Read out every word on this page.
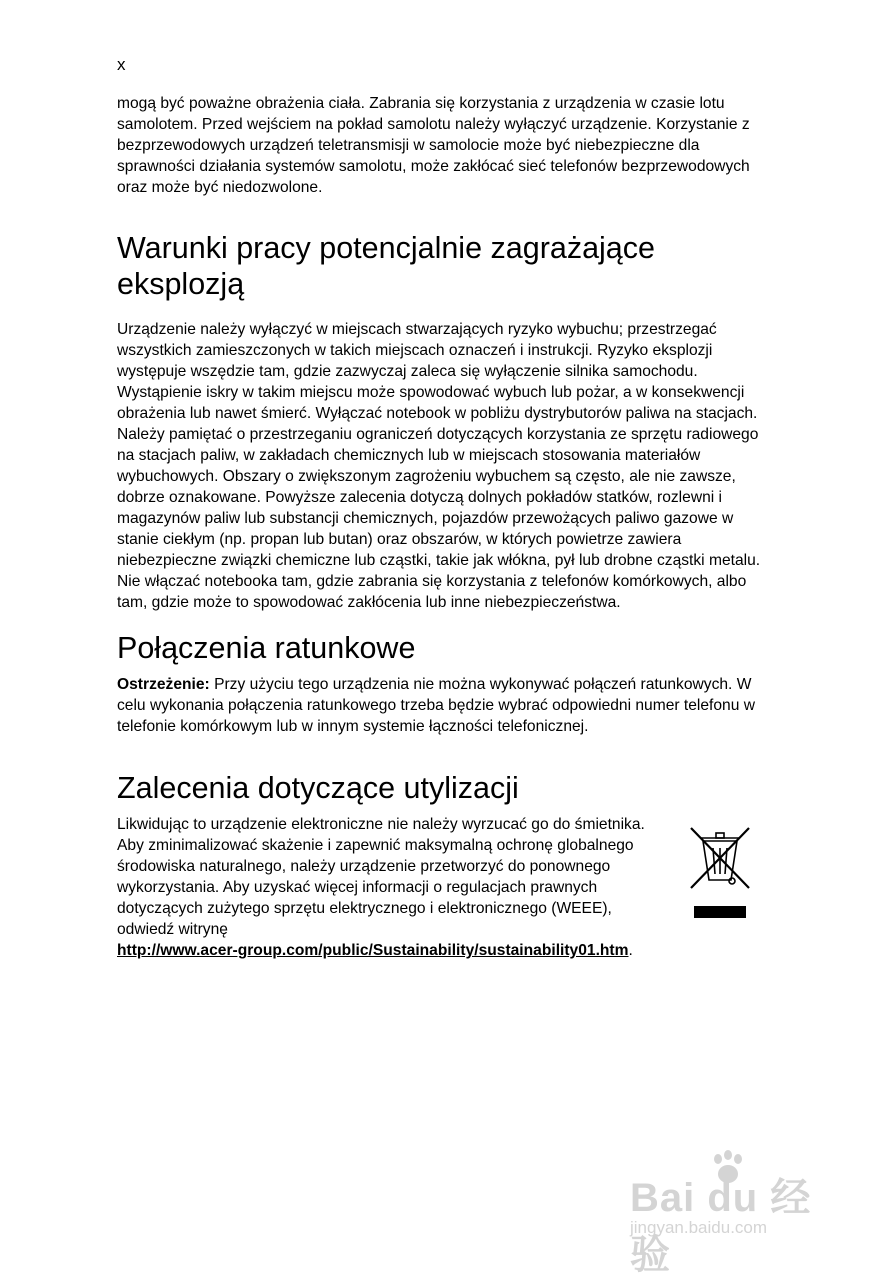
x

mogą być poważne obrażenia ciała. Zabrania się korzystania z urządzenia w czasie lotu samolotem. Przed wejściem na pokład samolotu należy wyłączyć urządzenie. Korzystanie z bezprzewodowych urządzeń teletransmisji w samolocie może być niebezpieczne dla sprawności działania systemów samolotu, może zakłócać sieć telefonów bezprzewodowych oraz może być niedozwolone.

Warunki pracy potencjalnie zagrażające eksplozją

Urządzenie należy wyłączyć w miejscach stwarzających ryzyko wybuchu; przestrzegać wszystkich zamieszczonych w takich miejscach oznaczeń i instrukcji. Ryzyko eksplozji występuje wszędzie tam, gdzie zazwyczaj zaleca się wyłączenie silnika samochodu. Wystąpienie iskry w takim miejscu może spowodować wybuch lub pożar, a w konsekwencji obrażenia lub nawet śmierć. Wyłączać notebook w pobliżu dystrybutorów paliwa na stacjach. Należy pamiętać o przestrzeganiu ograniczeń dotyczących korzystania ze sprzętu radiowego na stacjach paliw, w zakładach chemicznych lub w miejscach stosowania materiałów wybuchowych. Obszary o zwiększonym zagrożeniu wybuchem są często, ale nie zawsze, dobrze oznakowane. Powyższe zalecenia dotyczą dolnych pokładów statków, rozlewni i magazynów paliw lub substancji chemicznych, pojazdów przewożących paliwo gazowe w stanie ciekłym (np. propan lub butan) oraz obszarów, w których powietrze zawiera niebezpieczne związki chemiczne lub cząstki, takie jak włókna, pył lub drobne cząstki metalu. Nie włączać notebooka tam, gdzie zabrania się korzystania z telefonów komórkowych, albo tam, gdzie może to spowodować zakłócenia lub inne niebezpieczeństwa.

Połączenia ratunkowe

Ostrzeżenie: Przy użyciu tego urządzenia nie można wykonywać połączeń ratunkowych. W celu wykonania połączenia ratunkowego trzeba będzie wybrać odpowiedni numer telefonu w telefonie komórkowym lub w innym systemie łączności telefonicznej.

Zalecenia dotyczące utylizacji

Likwidując to urządzenie elektroniczne nie należy wyrzucać go do śmietnika. Aby zminimalizować skażenie i zapewnić maksymalną ochronę globalnego środowiska naturalnego, należy urządzenie przetworzyć do ponownego wykorzystania. Aby uzyskać więcej informacji o regulacjach prawnych dotyczących zużytego sprzętu elektrycznego i elektronicznego (WEEE), odwiedź witrynę

http://www.acer-group.com/public/Sustainability/sustainability01.htm.

Bai du 经验
jingyan.baidu.com
